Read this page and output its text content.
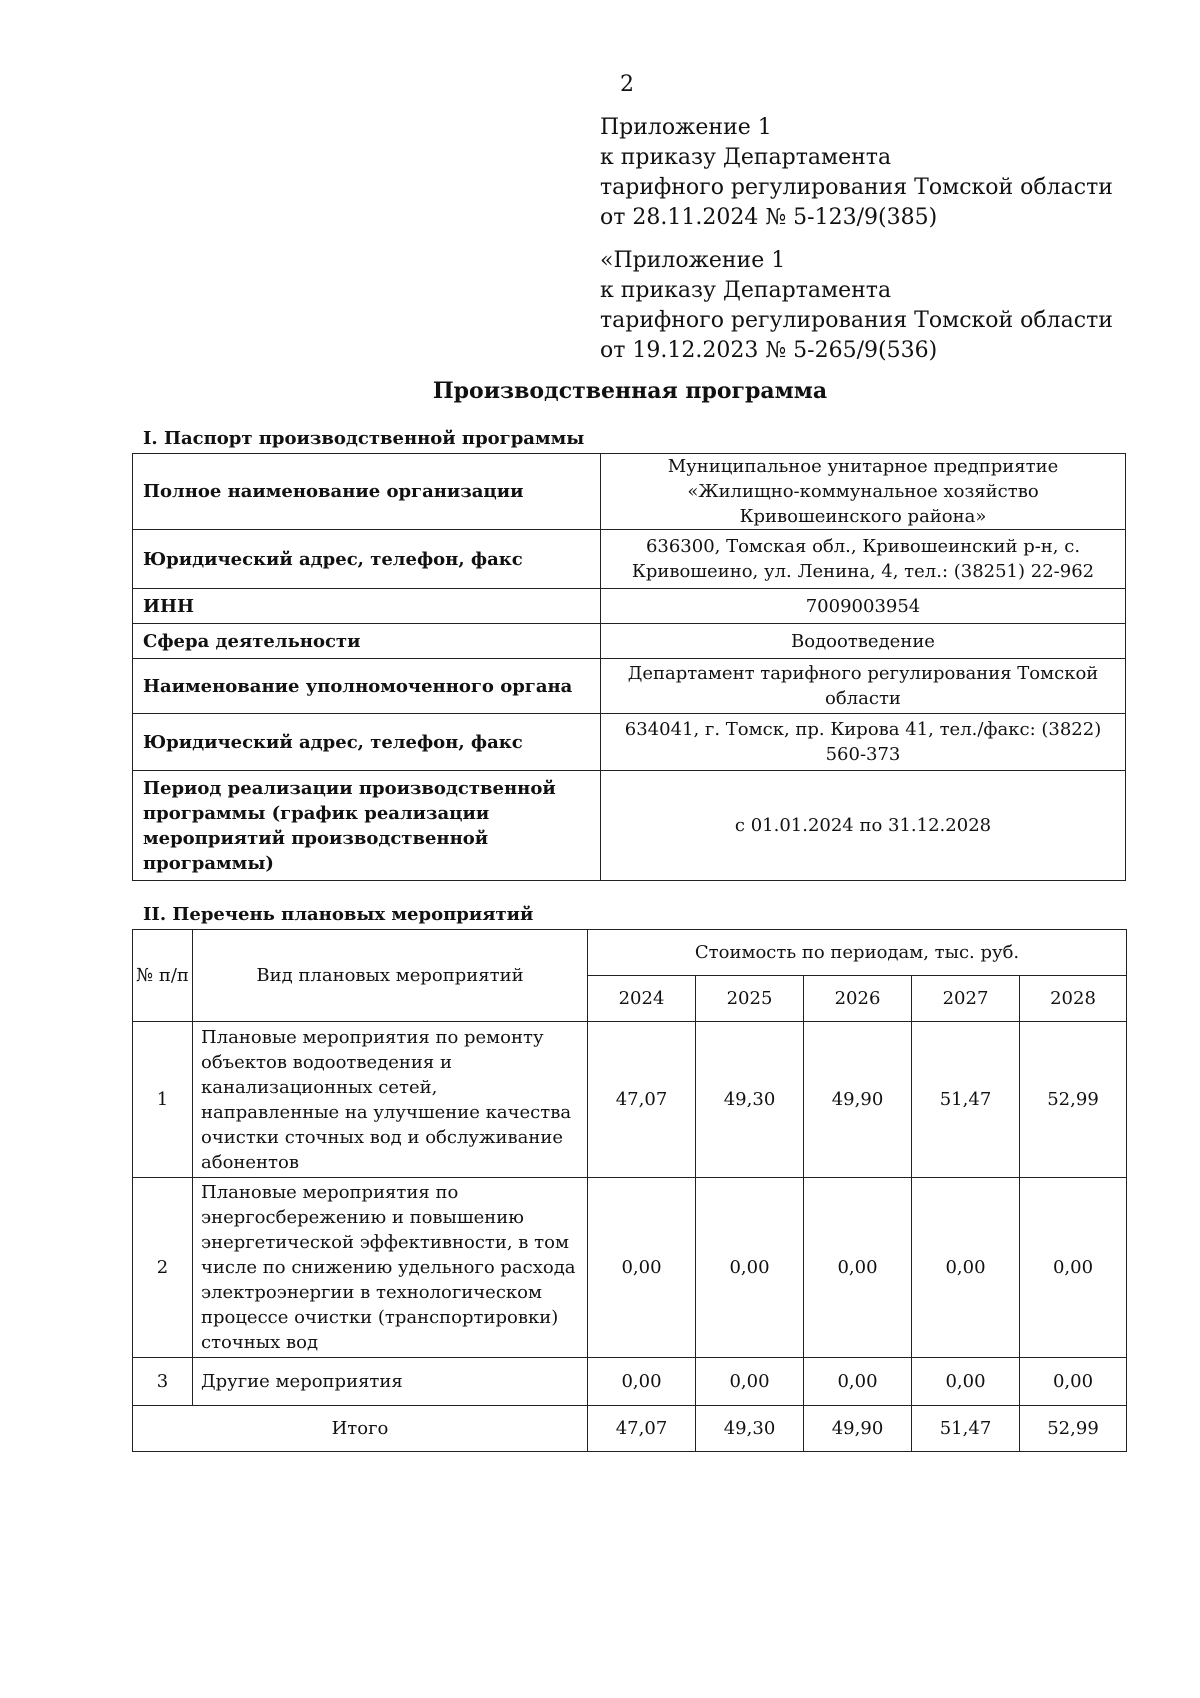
2
Приложение 1
к приказу Департамента
тарифного регулирования Томской области
от 28.11.2024 № 5-123/9(385)
«Приложение 1
к приказу Департамента
тарифного регулирования Томской области
от 19.12.2023 № 5-265/9(536)
Производственная программа
I. Паспорт производственной программы
Полное наименование организации	Муниципальное унитарное предприятие «Жилищно-коммунальное хозяйство Кривошеинского района»
Юридический адрес, телефон, факс	636300, Томская обл., Кривошеинский р-н, с. Кривошеино, ул. Ленина, 4, тел.: (38251) 22-962
ИНН	7009003954
Сфера деятельности	Водоотведение
Наименование уполномоченного органа	Департамент тарифного регулирования Томской области
Юридический адрес, телефон, факс	634041, г. Томск, пр. Кирова 41, тел./факс: (3822) 560-373
Период реализации производственной программы (график реализации мероприятий производственной программы)	с 01.01.2024 по 31.12.2028
II. Перечень плановых мероприятий
№ п/п	Вид плановых мероприятий	Стоимость по периодам, тыс. руб.				
		2024	2025	2026	2027	2028
1	Плановые мероприятия по ремонту объектов водоотведения и канализационных сетей, направленные на улучшение качества очистки сточных вод и обслуживание абонентов	47,07	49,30	49,90	51,47	52,99
2	Плановые мероприятия по энергосбережению и повышению энергетической эффективности, в том числе по снижению удельного расхода электроэнергии в технологическом процессе очистки (транспортировки) сточных вод	0,00	0,00	0,00	0,00	0,00
3	Другие мероприятия	0,00	0,00	0,00	0,00	0,00
Итого		47,07	49,30	49,90	51,47	52,99
